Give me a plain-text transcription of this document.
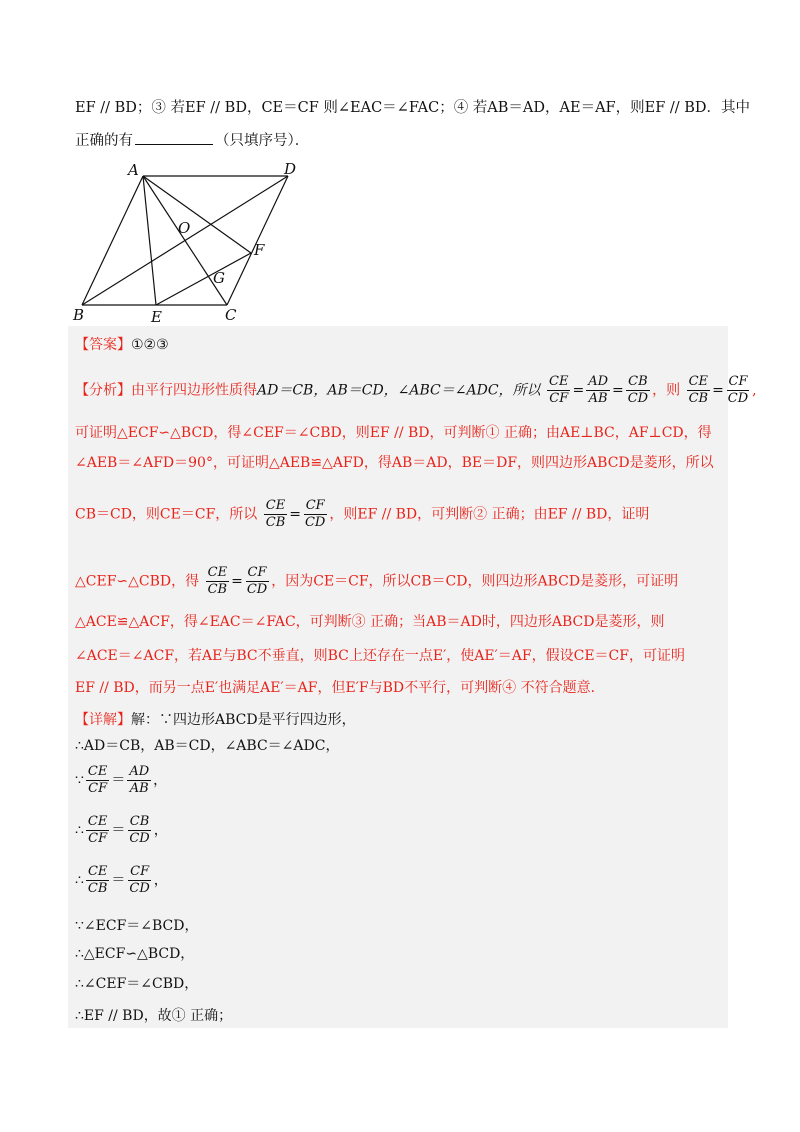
EF // BD；③ 若EF // BD，CE＝CF 则∠EAC＝∠FAC；④ 若AB＝AD，AE＝AF，则EF // BD．其中
正确的有	（只填序号）．
A	D
O
F
G
B	E	C
【答案】①②③
【分析】由平行四边形性质得AD＝CB，AB＝CD，∠ABC＝∠ADC，所以 $\frac{CE}{CF} = \frac{AD}{AB} = \frac{CB}{CD}$ ，则 $\frac{CE}{CB} = \frac{CF}{CD}$ ,
可证明△ECF∽△BCD，得∠CEF＝∠CBD，则EF // BD，可判断① 正确；由AE⊥BC，AF⊥CD，得
∠AEB＝∠AFD＝90°，可证明△AEB≌△AFD，得AB＝AD，BE＝DF，则四边形ABCD是菱形，所以
CB＝CD，则CE＝CF，所以 $\frac{CE}{CB} = \frac{CF}{CD}$ ，则EF // BD，可判断② 正确；由EF // BD，证明
△CEF∽△CBD，得 $\frac{CE}{CB} = \frac{CF}{CD}$ ，因为CE＝CF，所以CB＝CD，则四边形ABCD是菱形，可证明
△ACE≌△ACF，得∠EAC＝∠FAC，可判断③ 正确；当AB＝AD时，四边形ABCD是菱形，则
∠ACE＝∠ACF，若AE与BC不垂直，则BC上还存在一点E′，使AE′＝AF，假设CE＝CF，可证明
EF // BD，而另一点E′也满足AE′＝AF，但E′F与BD不平行，可判断④ 不符合题意．
【详解】解：∵四边形ABCD是平行四边形，
∴AD＝CB，AB＝CD，∠ABC＝∠ADC，
∵ $\frac{CE}{CF} = \frac{AD}{AB}$ ，
∴ $\frac{CE}{CF} = \frac{CB}{CD}$ ，
∴ $\frac{CE}{CB} = \frac{CF}{CD}$ ，
∵∠ECF＝∠BCD，
∴△ECF∽△BCD，
∴∠CEF＝∠CBD，
∴EF // BD，故① 正确；
